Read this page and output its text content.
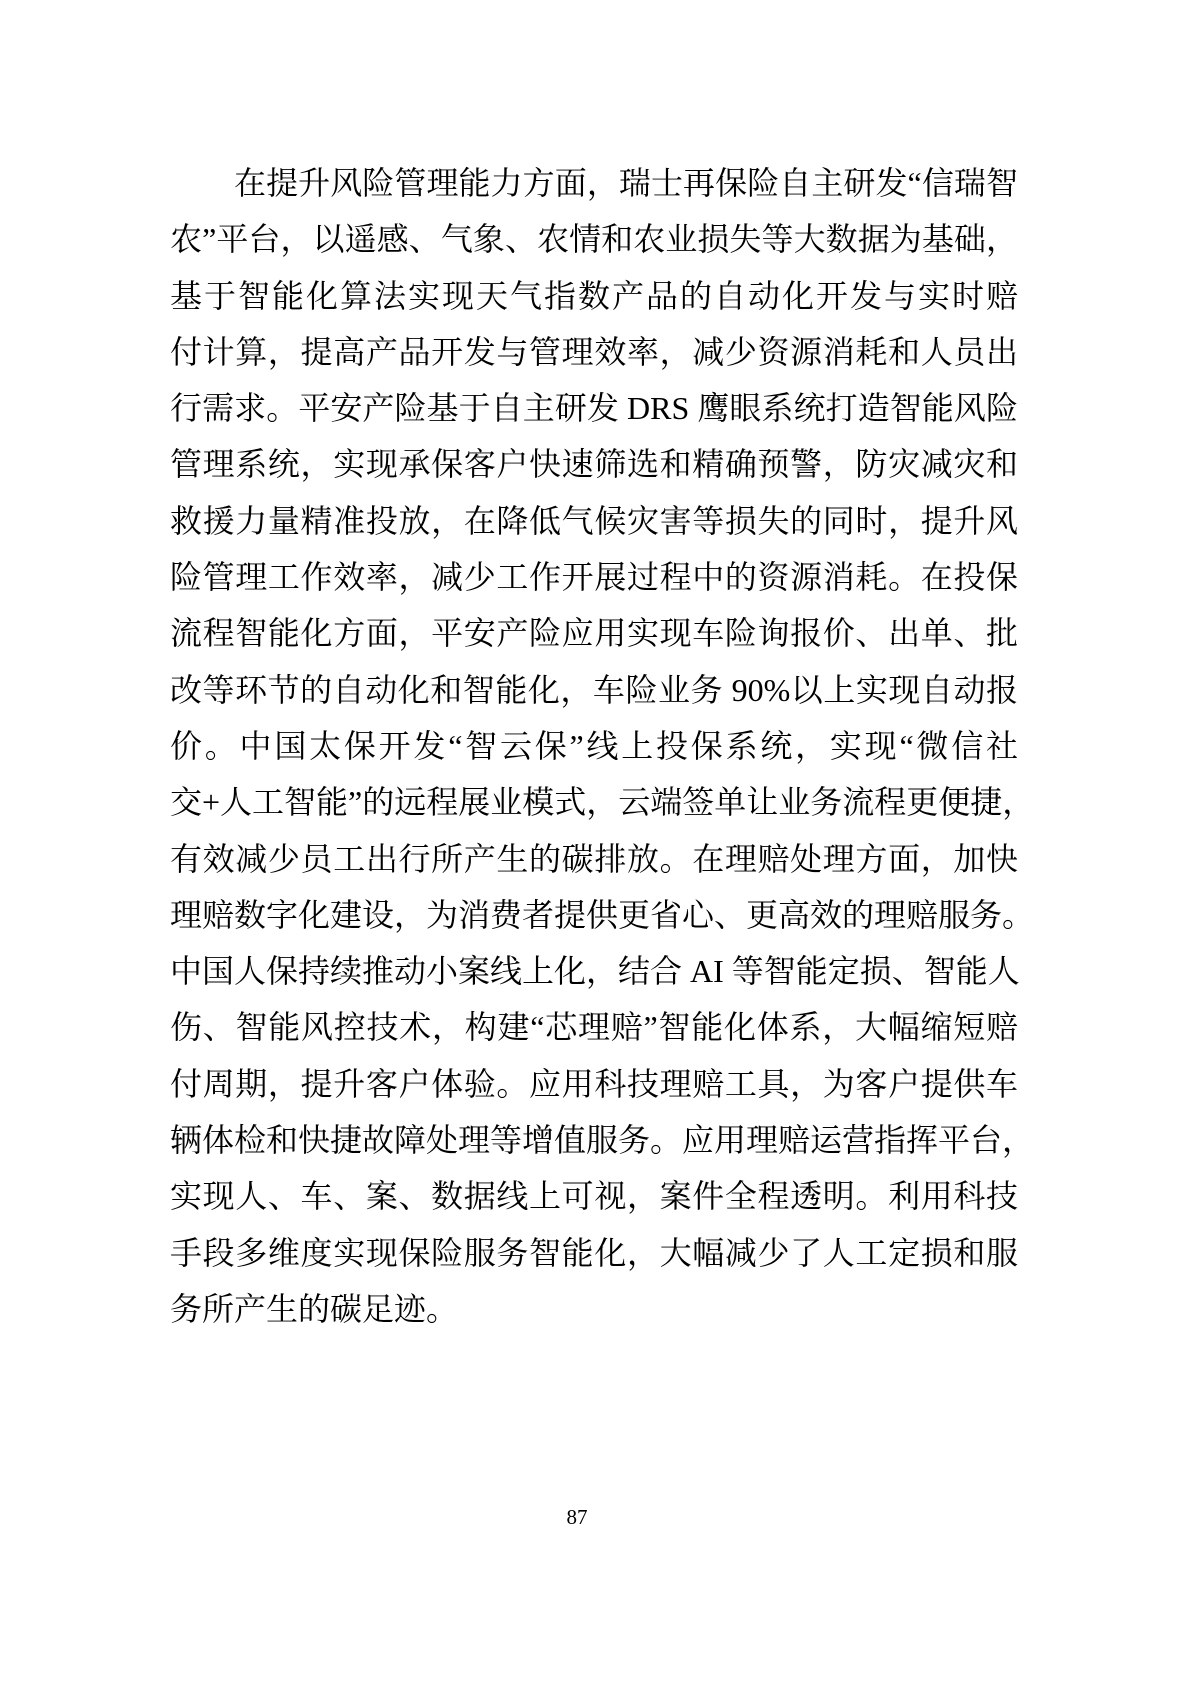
在提升风险管理能力方面，瑞士再保险自主研发“信瑞智
农”平台，以遥感、气象、农情和农业损失等大数据为基础，
基于智能化算法实现天气指数产品的自动化开发与实时赔
付计算，提高产品开发与管理效率，减少资源消耗和人员出
行需求。平安产险基于自主研发 DRS 鹰眼系统打造智能风险
管理系统，实现承保客户快速筛选和精确预警，防灾减灾和
救援力量精准投放，在降低气候灾害等损失的同时，提升风
险管理工作效率，减少工作开展过程中的资源消耗。在投保
流程智能化方面，平安产险应用实现车险询报价、出单、批
改等环节的自动化和智能化，车险业务 90%以上实现自动报
价。中国太保开发“智云保”线上投保系统，实现“微信社
交+人工智能”的远程展业模式，云端签单让业务流程更便捷，
有效减少员工出行所产生的碳排放。在理赔处理方面，加快
理赔数字化建设，为消费者提供更省心、更高效的理赔服务。
中国人保持续推动小案线上化，结合 AI 等智能定损、智能人
伤、智能风控技术，构建“芯理赔”智能化体系，大幅缩短赔
付周期，提升客户体验。应用科技理赔工具，为客户提供车
辆体检和快捷故障处理等增值服务。应用理赔运营指挥平台，
实现人、车、案、数据线上可视，案件全程透明。利用科技
手段多维度实现保险服务智能化，大幅减少了人工定损和服
务所产生的碳足迹。
87
